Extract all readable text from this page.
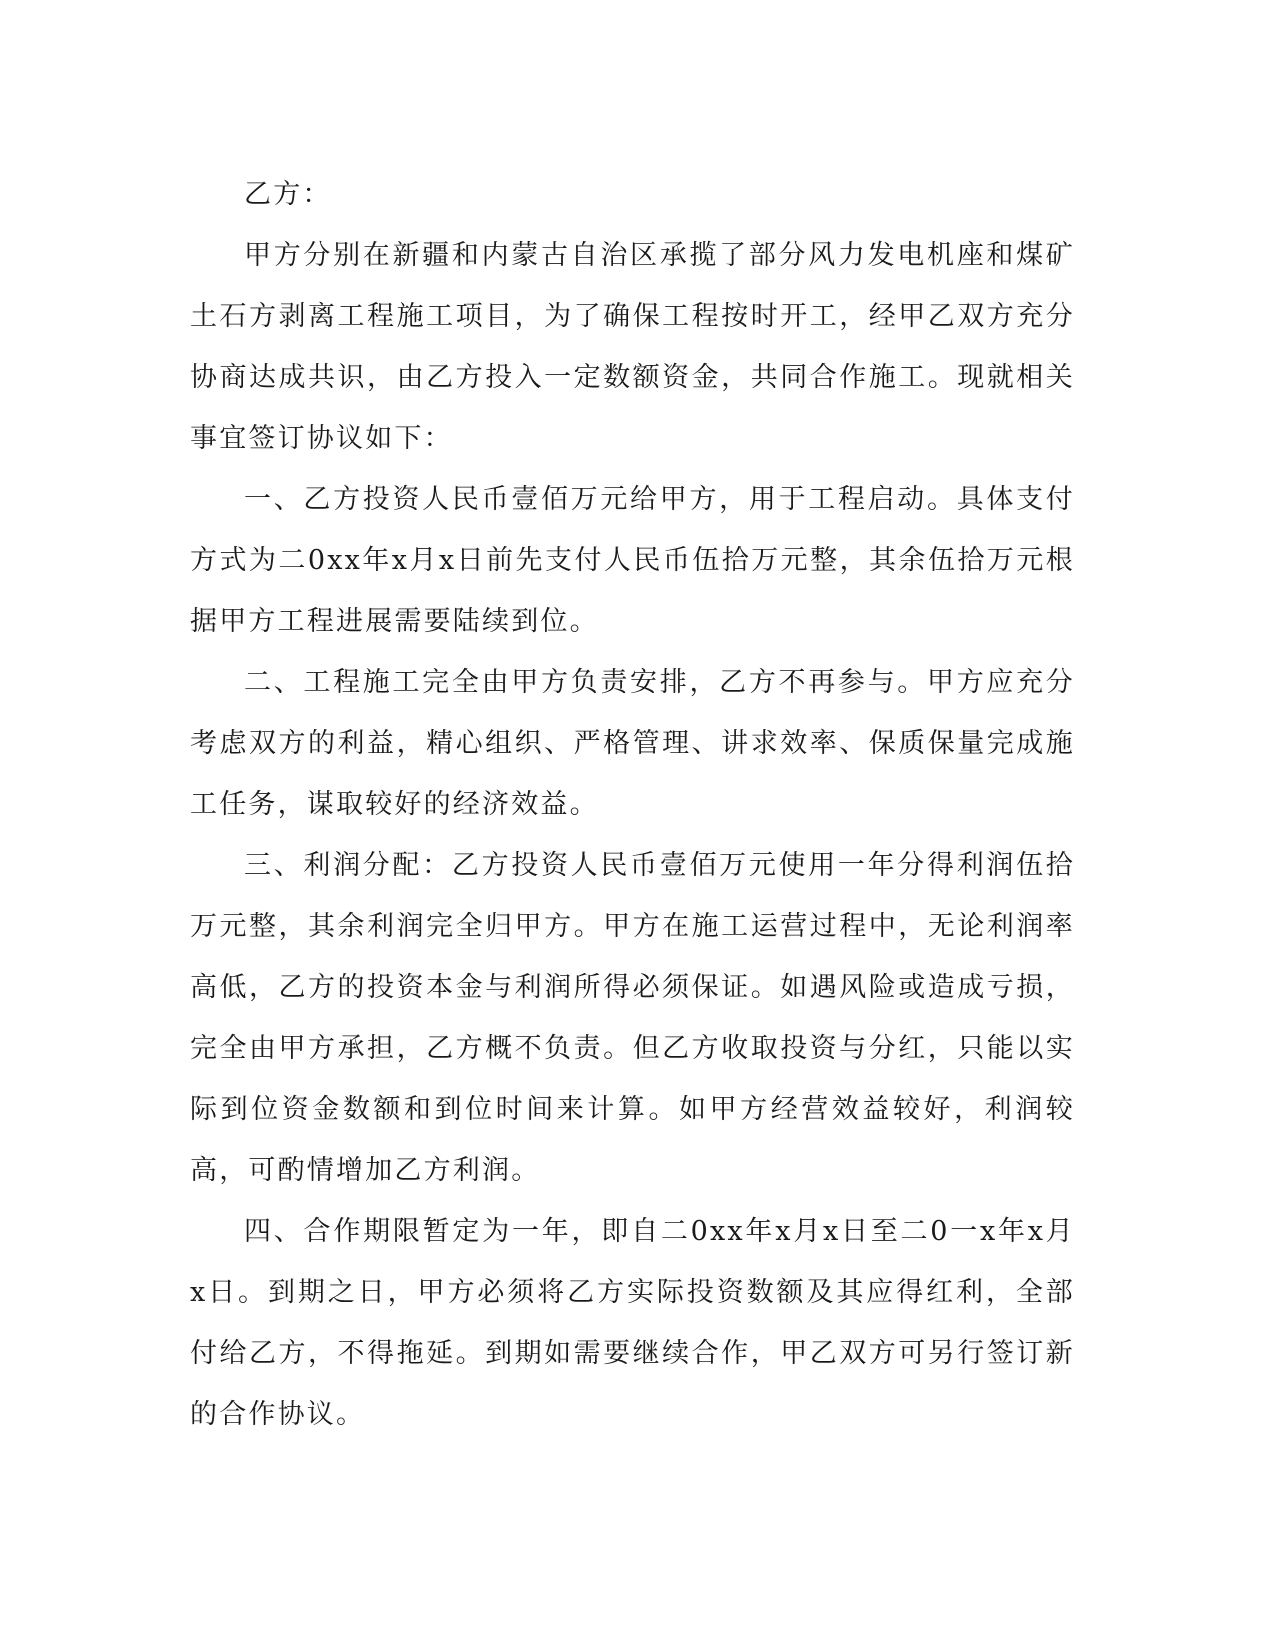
乙方：

甲方分别在新疆和内蒙古自治区承揽了部分风力发电机座和煤矿土石方剥离工程施工项目，为了确保工程按时开工，经甲乙双方充分协商达成共识，由乙方投入一定数额资金，共同合作施工。现就相关事宜签订协议如下：

一、乙方投资人民币壹佰万元给甲方，用于工程启动。具体支付方式为二0xx年x月x日前先支付人民币伍拾万元整，其余伍拾万元根据甲方工程进展需要陆续到位。

二、工程施工完全由甲方负责安排，乙方不再参与。甲方应充分考虑双方的利益，精心组织、严格管理、讲求效率、保质保量完成施工任务，谋取较好的经济效益。

三、利润分配：乙方投资人民币壹佰万元使用一年分得利润伍拾万元整，其余利润完全归甲方。甲方在施工运营过程中，无论利润率高低，乙方的投资本金与利润所得必须保证。如遇风险或造成亏损，完全由甲方承担，乙方概不负责。但乙方收取投资与分红，只能以实际到位资金数额和到位时间来计算。如甲方经营效益较好，利润较高，可酌情增加乙方利润。

四、合作期限暂定为一年，即自二0xx年x月x日至二0一x年x月x日。到期之日，甲方必须将乙方实际投资数额及其应得红利，全部付给乙方，不得拖延。到期如需要继续合作，甲乙双方可另行签订新的合作协议。
